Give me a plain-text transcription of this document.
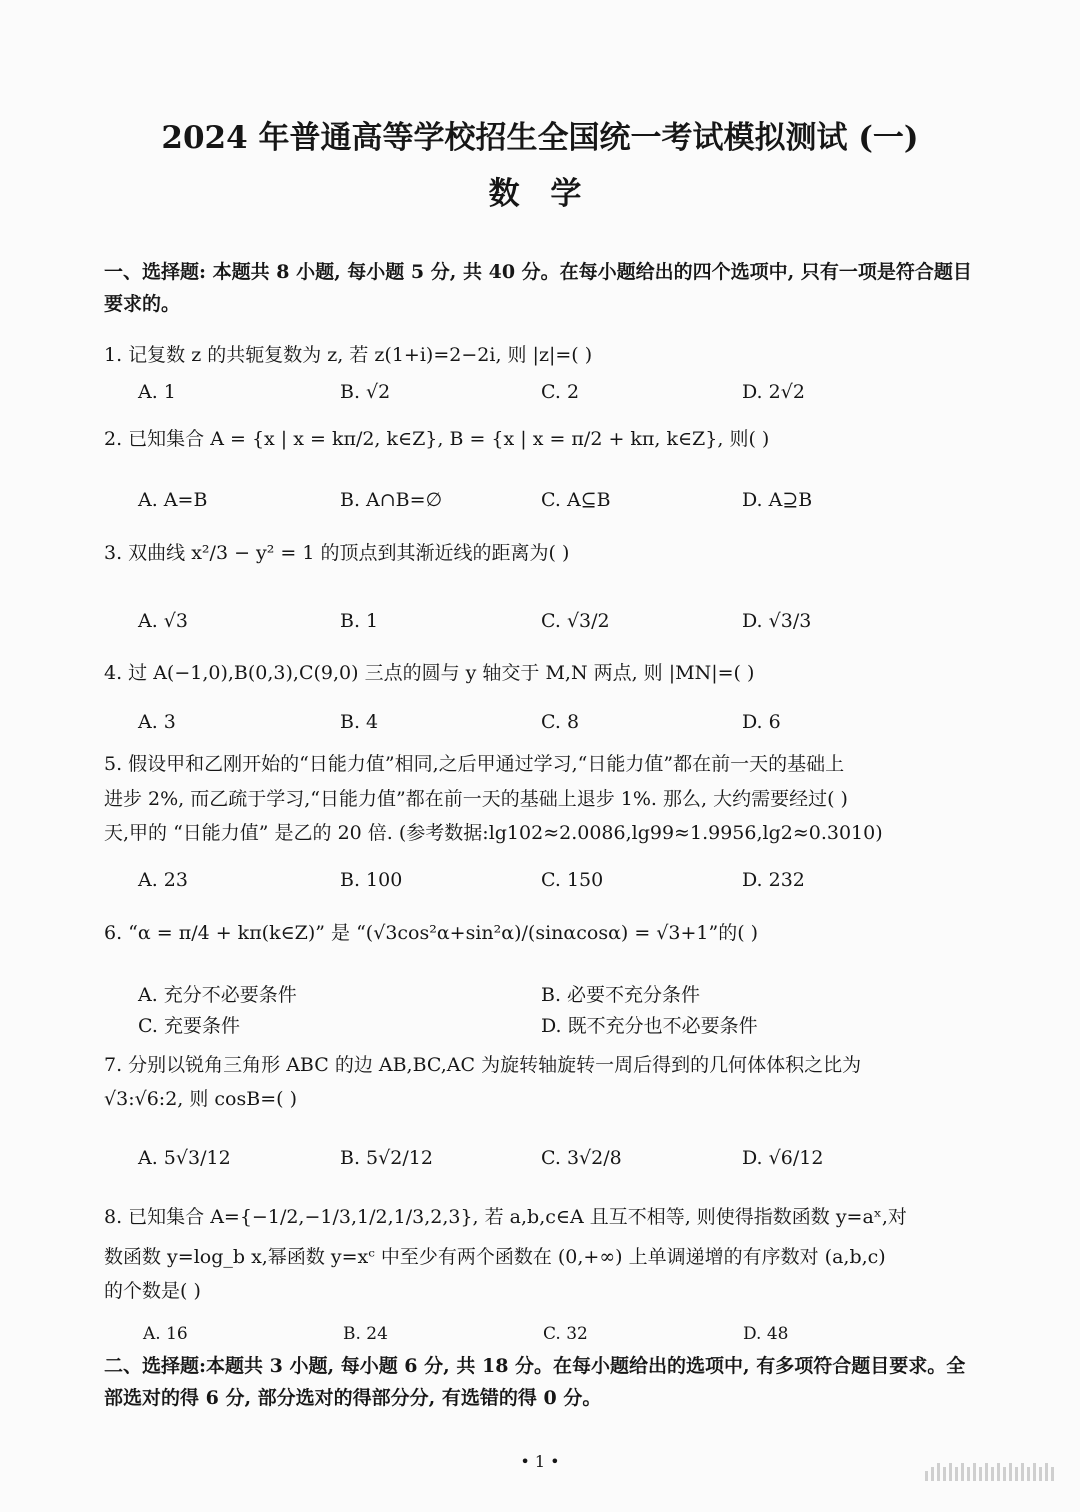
2024 年普通高等学校招生全国统一考试模拟测试 (一)
数 学
一、选择题: 本题共 8 小题, 每小题 5 分, 共 40 分。在每小题给出的四个选项中, 只有一项是符合题目要求的。
1. 记复数 z 的共轭复数为 z, 若 z(1+i)=2−2i, 则 |z|=( )
A. 1	B. √2	C. 2	D. 2√2
2. 已知集合 A = {x | x = kπ/2, k∈Z}, B = {x | x = π/2 + kπ, k∈Z}, 则( )
A. A=B	B. A∩B=∅	C. A⊆B	D. A⊇B
3. 双曲线 x²/3 − y² = 1 的顶点到其渐近线的距离为( )
A. √3	B. 1	C. √3/2	D. √3/3
4. 过 A(−1,0),B(0,3),C(9,0) 三点的圆与 y 轴交于 M,N 两点, 则 |MN|=( )
A. 3	B. 4	C. 8	D. 6
5. 假设甲和乙刚开始的“日能力值”相同,之后甲通过学习,“日能力值”都在前一天的基础上
进步 2%, 而乙疏于学习,“日能力值”都在前一天的基础上退步 1%. 那么, 大约需要经过( )
天,甲的 “日能力值” 是乙的 20 倍. (参考数据:lg102≈2.0086,lg99≈1.9956,lg2≈0.3010)
A. 23	B. 100	C. 150	D. 232
6. “α = π/4 + kπ(k∈Z)” 是 “(√3cos²α+sin²α)/(sinαcosα) = √3+1”的( )
A. 充分不必要条件	B. 必要不充分条件
C. 充要条件	D. 既不充分也不必要条件
7. 分别以锐角三角形 ABC 的边 AB,BC,AC 为旋转轴旋转一周后得到的几何体体积之比为
√3:√6:2, 则 cosB=( )
A. 5√3/12	B. 5√2/12	C. 3√2/8	D. √6/12
8. 已知集合 A={−1/2,−1/3,1/2,1/3,2,3}, 若 a,b,c∈A 且互不相等, 则使得指数函数 y=aˣ,对
数函数 y=log_b x,幂函数 y=xᶜ 中至少有两个函数在 (0,+∞) 上单调递增的有序数对 (a,b,c)
的个数是( )
A. 16	B. 24	C. 32	D. 48
二、选择题:本题共 3 小题, 每小题 6 分, 共 18 分。在每小题给出的选项中, 有多项符合题目要求。全部选对的得 6 分, 部分选对的得部分分, 有选错的得 0 分。
• 1 •
